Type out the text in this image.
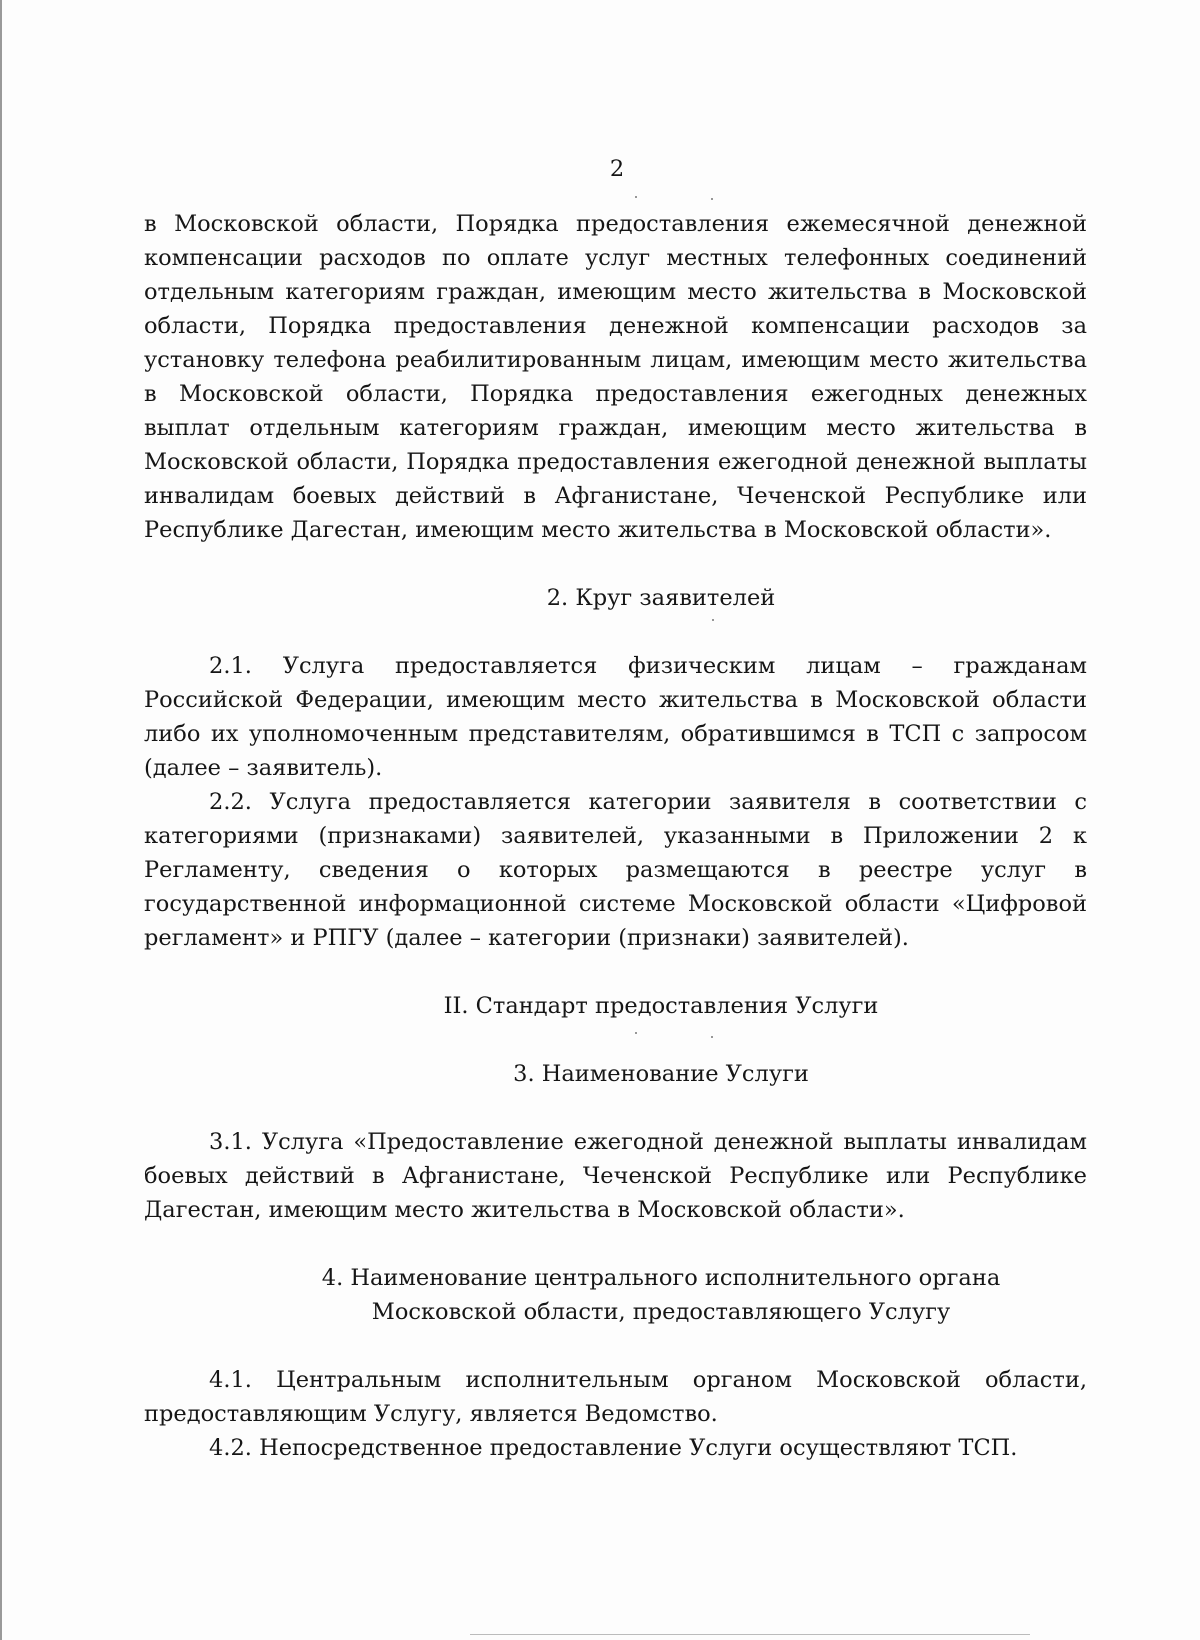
2

в Московской области, Порядка предоставления ежемесячной денежной компенсации расходов по оплате услуг местных телефонных соединений отдельным категориям граждан, имеющим место жительства в Московской области, Порядка предоставления денежной компенсации расходов за установку телефона реабилитированным лицам, имеющим место жительства в Московской области, Порядка предоставления ежегодных денежных выплат отдельным категориям граждан, имеющим место жительства в Московской области, Порядка предоставления ежегодной денежной выплаты инвалидам боевых действий в Афганистане, Чеченской Республике или Республике Дагестан, имеющим место жительства в Московской области».

2. Круг заявителей

2.1. Услуга предоставляется физическим лицам – гражданам Российской Федерации, имеющим место жительства в Московской области либо их уполномоченным представителям, обратившимся в ТСП с запросом (далее – заявитель).

2.2. Услуга предоставляется категории заявителя в соответствии с категориями (признаками) заявителей, указанными в Приложении 2 к Регламенту, сведения о которых размещаются в реестре услуг в государственной информационной системе Московской области «Цифровой регламент» и РПГУ (далее – категории (признаки) заявителей).

II. Стандарт предоставления Услуги

3. Наименование Услуги

3.1. Услуга «Предоставление ежегодной денежной выплаты инвалидам боевых действий в Афганистане, Чеченской Республике или Республике Дагестан, имеющим место жительства в Московской области».

4. Наименование центрального исполнительного органа

Московской области, предоставляющего Услугу

4.1. Центральным исполнительным органом Московской области, предоставляющим Услугу, является Ведомство.

4.2. Непосредственное предоставление Услуги осуществляют ТСП.
